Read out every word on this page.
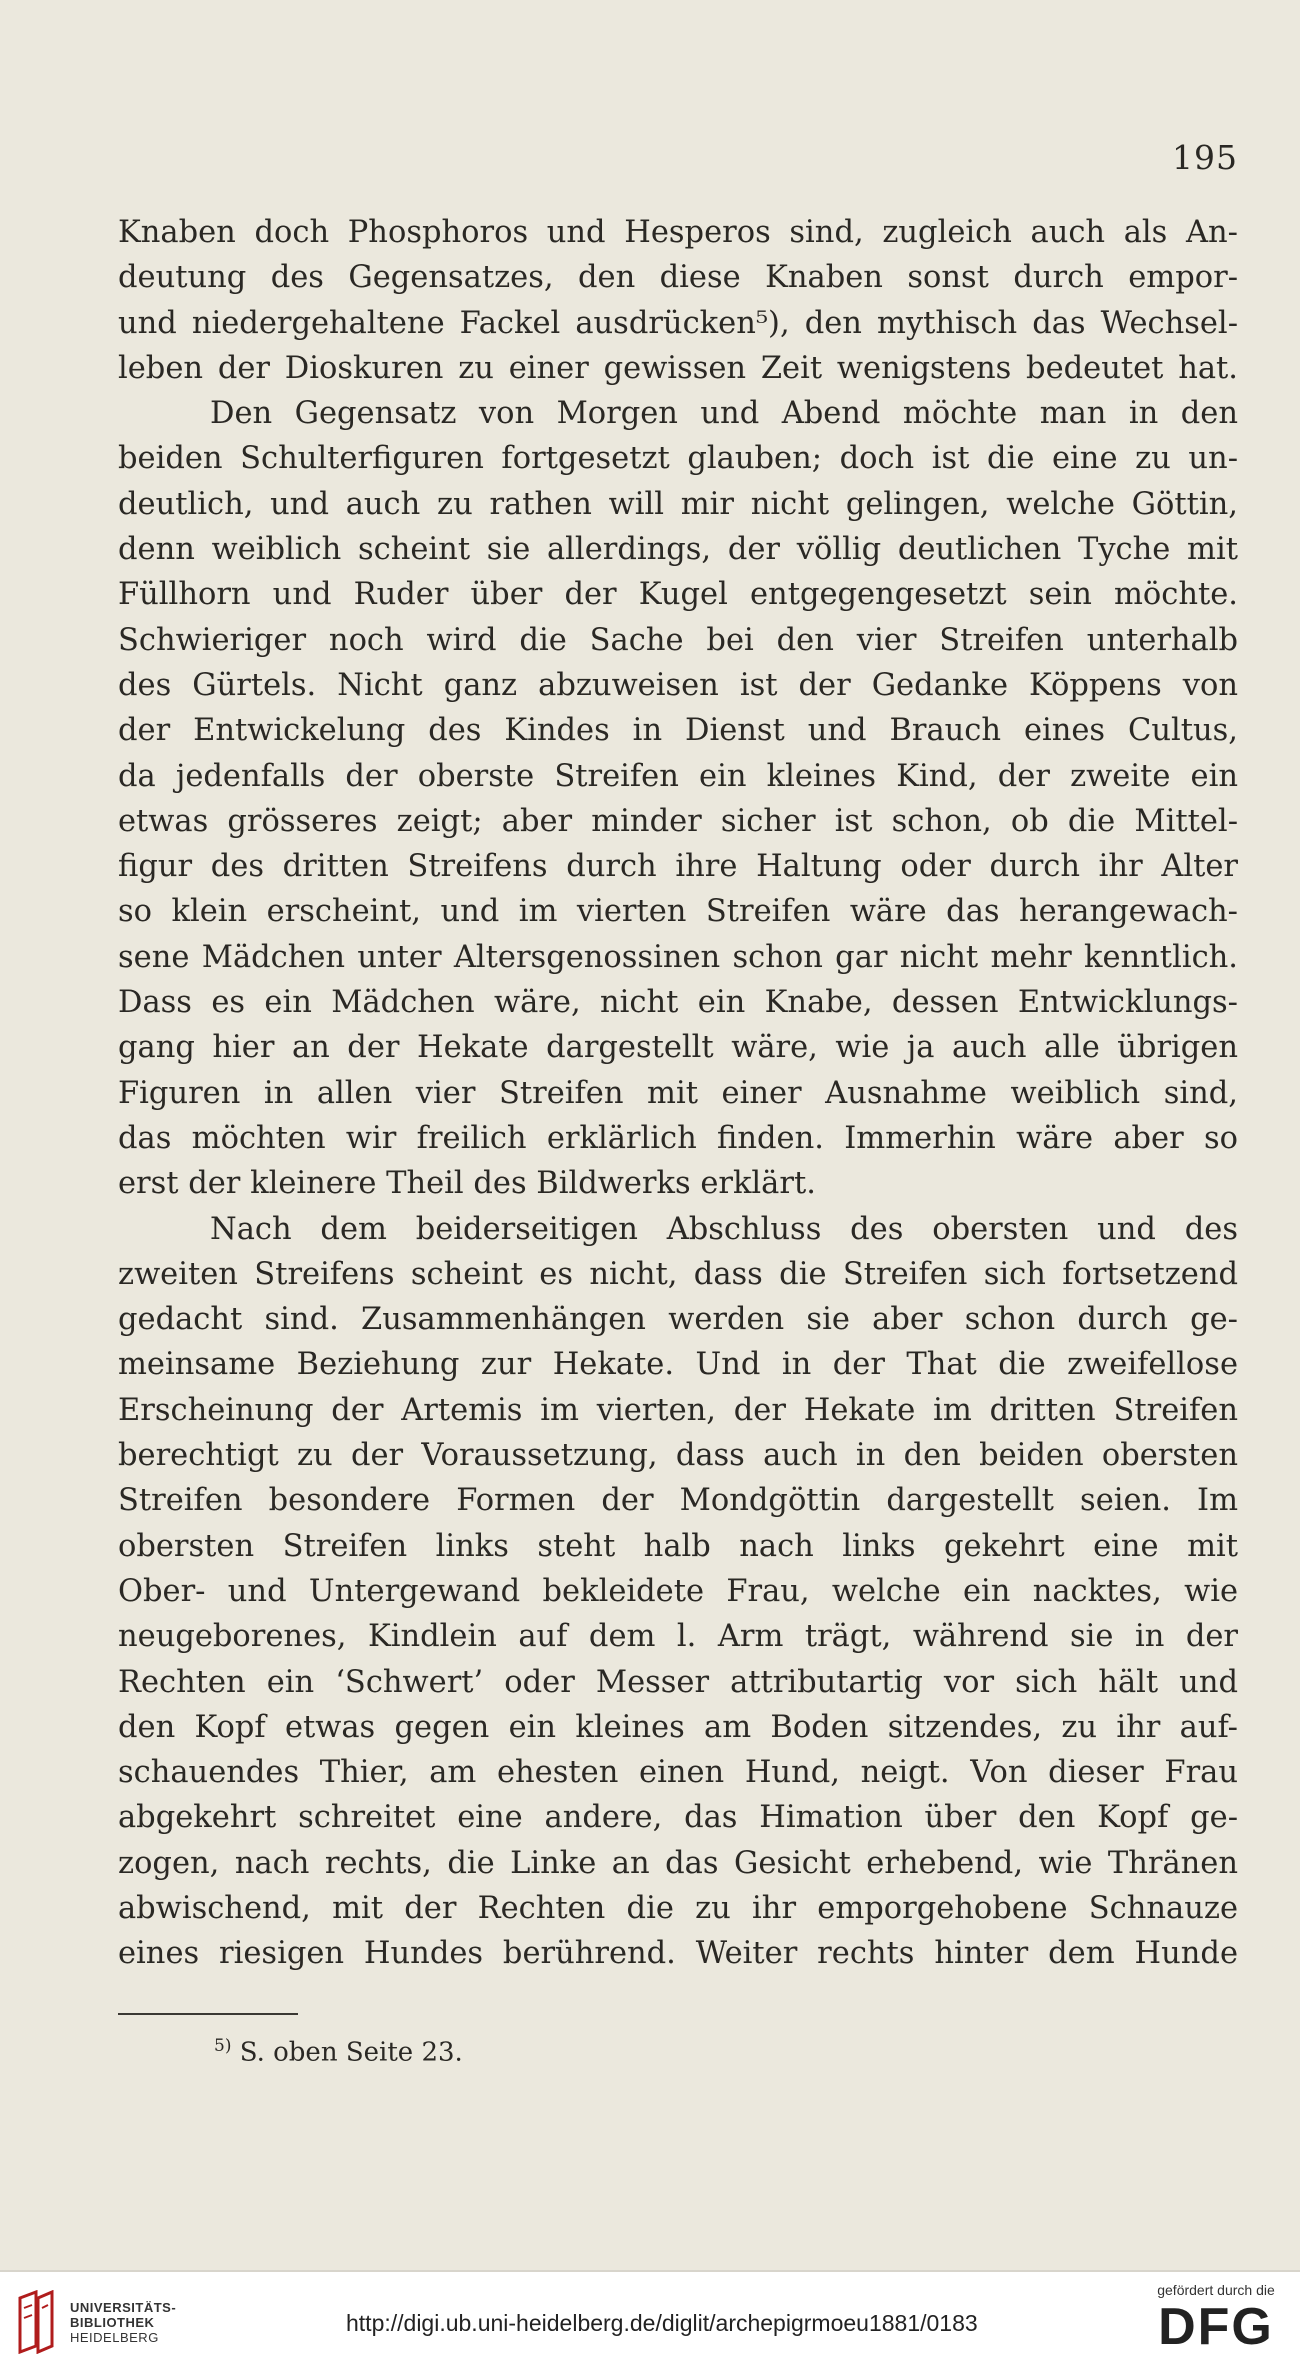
195
Knaben doch Phosphoros und Hesperos sind, zugleich auch als An-
deutung des Gegensatzes, den diese Knaben sonst durch empor-
und niedergehaltene Fackel ausdrücken⁵), den mythisch das Wechsel-
leben der Dioskuren zu einer gewissen Zeit wenigstens bedeutet hat.
Den Gegensatz von Morgen und Abend möchte man in den
beiden Schulterfiguren fortgesetzt glauben; doch ist die eine zu un-
deutlich, und auch zu rathen will mir nicht gelingen, welche Göttin,
denn weiblich scheint sie allerdings, der völlig deutlichen Tyche mit
Füllhorn und Ruder über der Kugel entgegengesetzt sein möchte.
Schwieriger noch wird die Sache bei den vier Streifen unterhalb
des Gürtels. Nicht ganz abzuweisen ist der Gedanke Köppens von
der Entwickelung des Kindes in Dienst und Brauch eines Cultus,
da jedenfalls der oberste Streifen ein kleines Kind, der zweite ein
etwas grösseres zeigt; aber minder sicher ist schon, ob die Mittel-
figur des dritten Streifens durch ihre Haltung oder durch ihr Alter
so klein erscheint, und im vierten Streifen wäre das herangewach-
sene Mädchen unter Altersgenossinen schon gar nicht mehr kenntlich.
Dass es ein Mädchen wäre, nicht ein Knabe, dessen Entwicklungs-
gang hier an der Hekate dargestellt wäre, wie ja auch alle übrigen
Figuren in allen vier Streifen mit einer Ausnahme weiblich sind,
das möchten wir freilich erklärlich finden. Immerhin wäre aber so
erst der kleinere Theil des Bildwerks erklärt.
Nach dem beiderseitigen Abschluss des obersten und des
zweiten Streifens scheint es nicht, dass die Streifen sich fortsetzend
gedacht sind. Zusammenhängen werden sie aber schon durch ge-
meinsame Beziehung zur Hekate. Und in der That die zweifellose
Erscheinung der Artemis im vierten, der Hekate im dritten Streifen
berechtigt zu der Voraussetzung, dass auch in den beiden obersten
Streifen besondere Formen der Mondgöttin dargestellt seien. Im
obersten Streifen links steht halb nach links gekehrt eine mit
Ober- und Untergewand bekleidete Frau, welche ein nacktes, wie
neugeborenes, Kindlein auf dem l. Arm trägt, während sie in der
Rechten ein ‘Schwert’ oder Messer attributartig vor sich hält und
den Kopf etwas gegen ein kleines am Boden sitzendes, zu ihr auf-
schauendes Thier, am ehesten einen Hund, neigt. Von dieser Frau
abgekehrt schreitet eine andere, das Himation über den Kopf ge-
zogen, nach rechts, die Linke an das Gesicht erhebend, wie Thränen
abwischend, mit der Rechten die zu ihr emporgehobene Schnauze
eines riesigen Hundes berührend. Weiter rechts hinter dem Hunde
$^{5)}$ S. oben Seite 23.
UNIVERSITÄTS-
BIBLIOTHEK
HEIDELBERG
http://digi.ub.uni-heidelberg.de/diglit/archepigrmoeu1881/0183
gefördert durch die
DFG
